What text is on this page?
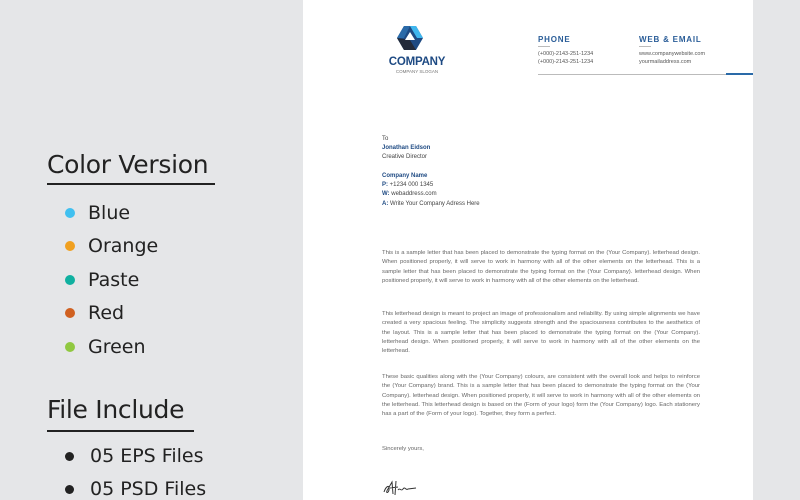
Color Version
Blue
Orange
Paste
Red
Green
File Include
05 EPS Files
05 PSD Files
COMPANY
COMPANY SLOGAN
PHONE
(+000)-2143-251-1234
(+000)-2143-251-1234
WEB & EMAIL
www.companywebsite.com
yourmailaddress.com
To
Jonathan Eidson
Creative Director
Company Name
P: +1234 000 1345
W: webaddress.com
A: Write Your Company Adress Here
This is a sample letter that has been placed to demonstrate the typing format on the (Your Company). letterhead design. When positioned properly, it will serve to work in harmony with all of the other elements on the letterhead. This is a sample letter that has been placed to demonstrate the typing format on the (Your Company). letterhead design. When positioned properly, it will serve to work in harmony with all of the other elements on the letterhead.
This letterhead design is meant to project an image of professionalism and reliability. By using simple alignments we have created a very spacious feeling. The simplicity suggests strength and the spaciousness contributes to the aesthetics of the layout. This is a sample letter that has been placed to demonstrate the typing format on the (Your Company). letterhead design. When positioned properly, it will serve to work in harmony with all of the other elements on the letterhead.
These basic qualities along with the (Your Company) colours, are consistent with the overall look and helps to reinforce the (Your Company) brand. This is a sample letter that has been placed to demonstrate the typing format on the (Your Company). letterhead design. When positioned properly, it will serve to work in harmony with all of the other elements on the letterhead. This letterhead design is based on the (Form of your logo) form the (Your Company) logo. Each stationery has a part of the (Form of your logo). Together, they form a perfect.
Sincerely yours,
